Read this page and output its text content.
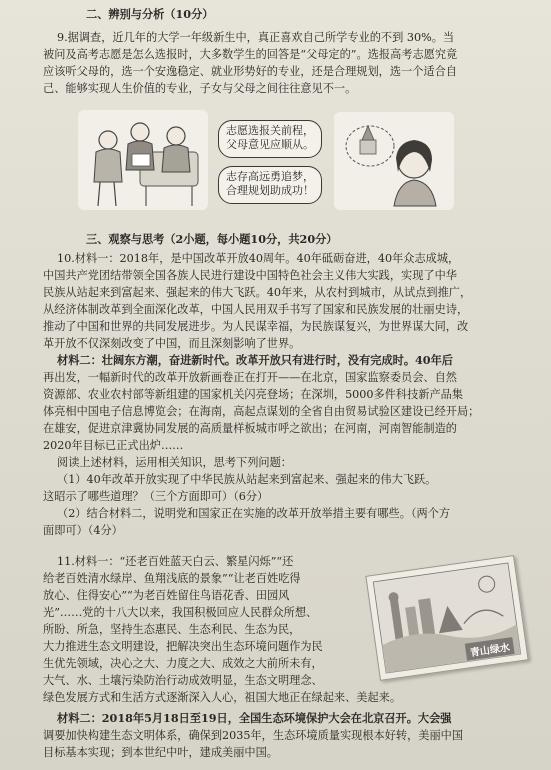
二、辨别与分析（10分）
9.据调查，近几年的大学一年级新生中，真正喜欢自己所学专业的不到 30%。当
被问及高考志愿是怎么选报时，大多数学生的回答是“父母定的”。选报高考志愿究竟
应该听父母的，选一个安逸稳定、就业形势好的专业，还是合理规划，选一个适合自
己、能够实现人生价值的专业，子女与父母之间往往意见不一。
志愿选报关前程，
父母意见应顺从。
志存高远勇追梦，
合理规划助成功！
三、观察与思考（2小题，每小题10分，共20分）
10.材料一：2018年，是中国改革开放40周年。40年砥砺奋进，40年众志成城，
中国共产党团结带领全国各族人民进行建设中国特色社会主义伟大实践，实现了中华
民族从站起来到富起来、强起来的伟大飞跃。40年来，从农村到城市，从试点到推广，
从经济体制改革到全面深化改革，中国人民用双手书写了国家和民族发展的壮丽史诗，
推动了中国和世界的共同发展进步。为人民谋幸福，为民族谋复兴，为世界谋大同，改
革开放不仅深刻改变了中国，而且深刻影响了世界。
材料二：壮阔东方潮，奋进新时代。改革开放只有进行时，没有完成时。40年后
再出发，一幅新时代的改革开放新画卷正在打开——在北京，国家监察委员会、自然
资源部、农业农村部等新组建的国家机关闪亮登场；在深圳，5000多件科技新产品集
体亮相中国电子信息博览会；在海南，高起点谋划的全省自由贸易试验区建设已经开局；
在雄安，促进京津冀协同发展的高质量样板城市呼之欲出；在河南，河南智能制造的
2020年目标已正式出炉……
阅读上述材料，运用相关知识，思考下列问题：
（1）40年改革开放实现了中华民族从站起来到富起来、强起来的伟大飞跃。
这昭示了哪些道理？（三个方面即可）（6分）
（2）结合材料二，说明党和国家正在实施的改革开放举措主要有哪些。（两个方
面即可）（4分）
11.材料一：“还老百姓蓝天白云、繁星闪烁”“还
给老百姓清水绿岸、鱼翔浅底的景象”“让老百姓吃得
放心、住得安心”“为老百姓留住鸟语花香、田园风
光”……党的十八大以来，我国积极回应人民群众所想、
所盼、所急，坚持生态惠民、生态利民、生态为民，
大力推进生态文明建设，把解决突出生态环境问题作为民
生优先领域，决心之大、力度之大、成效之大前所未有，
大气、水、土壤污染防治行动成效明显，生态文明理念、
绿色发展方式和生活方式逐渐深入人心，祖国大地正在绿起来、美起来。
材料二：2018年5月18日至19日，全国生态环境保护大会在北京召开。大会强
调要加快构建生态文明体系，确保到2035年，生态环境质量实现根本好转，美丽中国
目标基本实现；到本世纪中叶，建成美丽中国。
青山绿水
